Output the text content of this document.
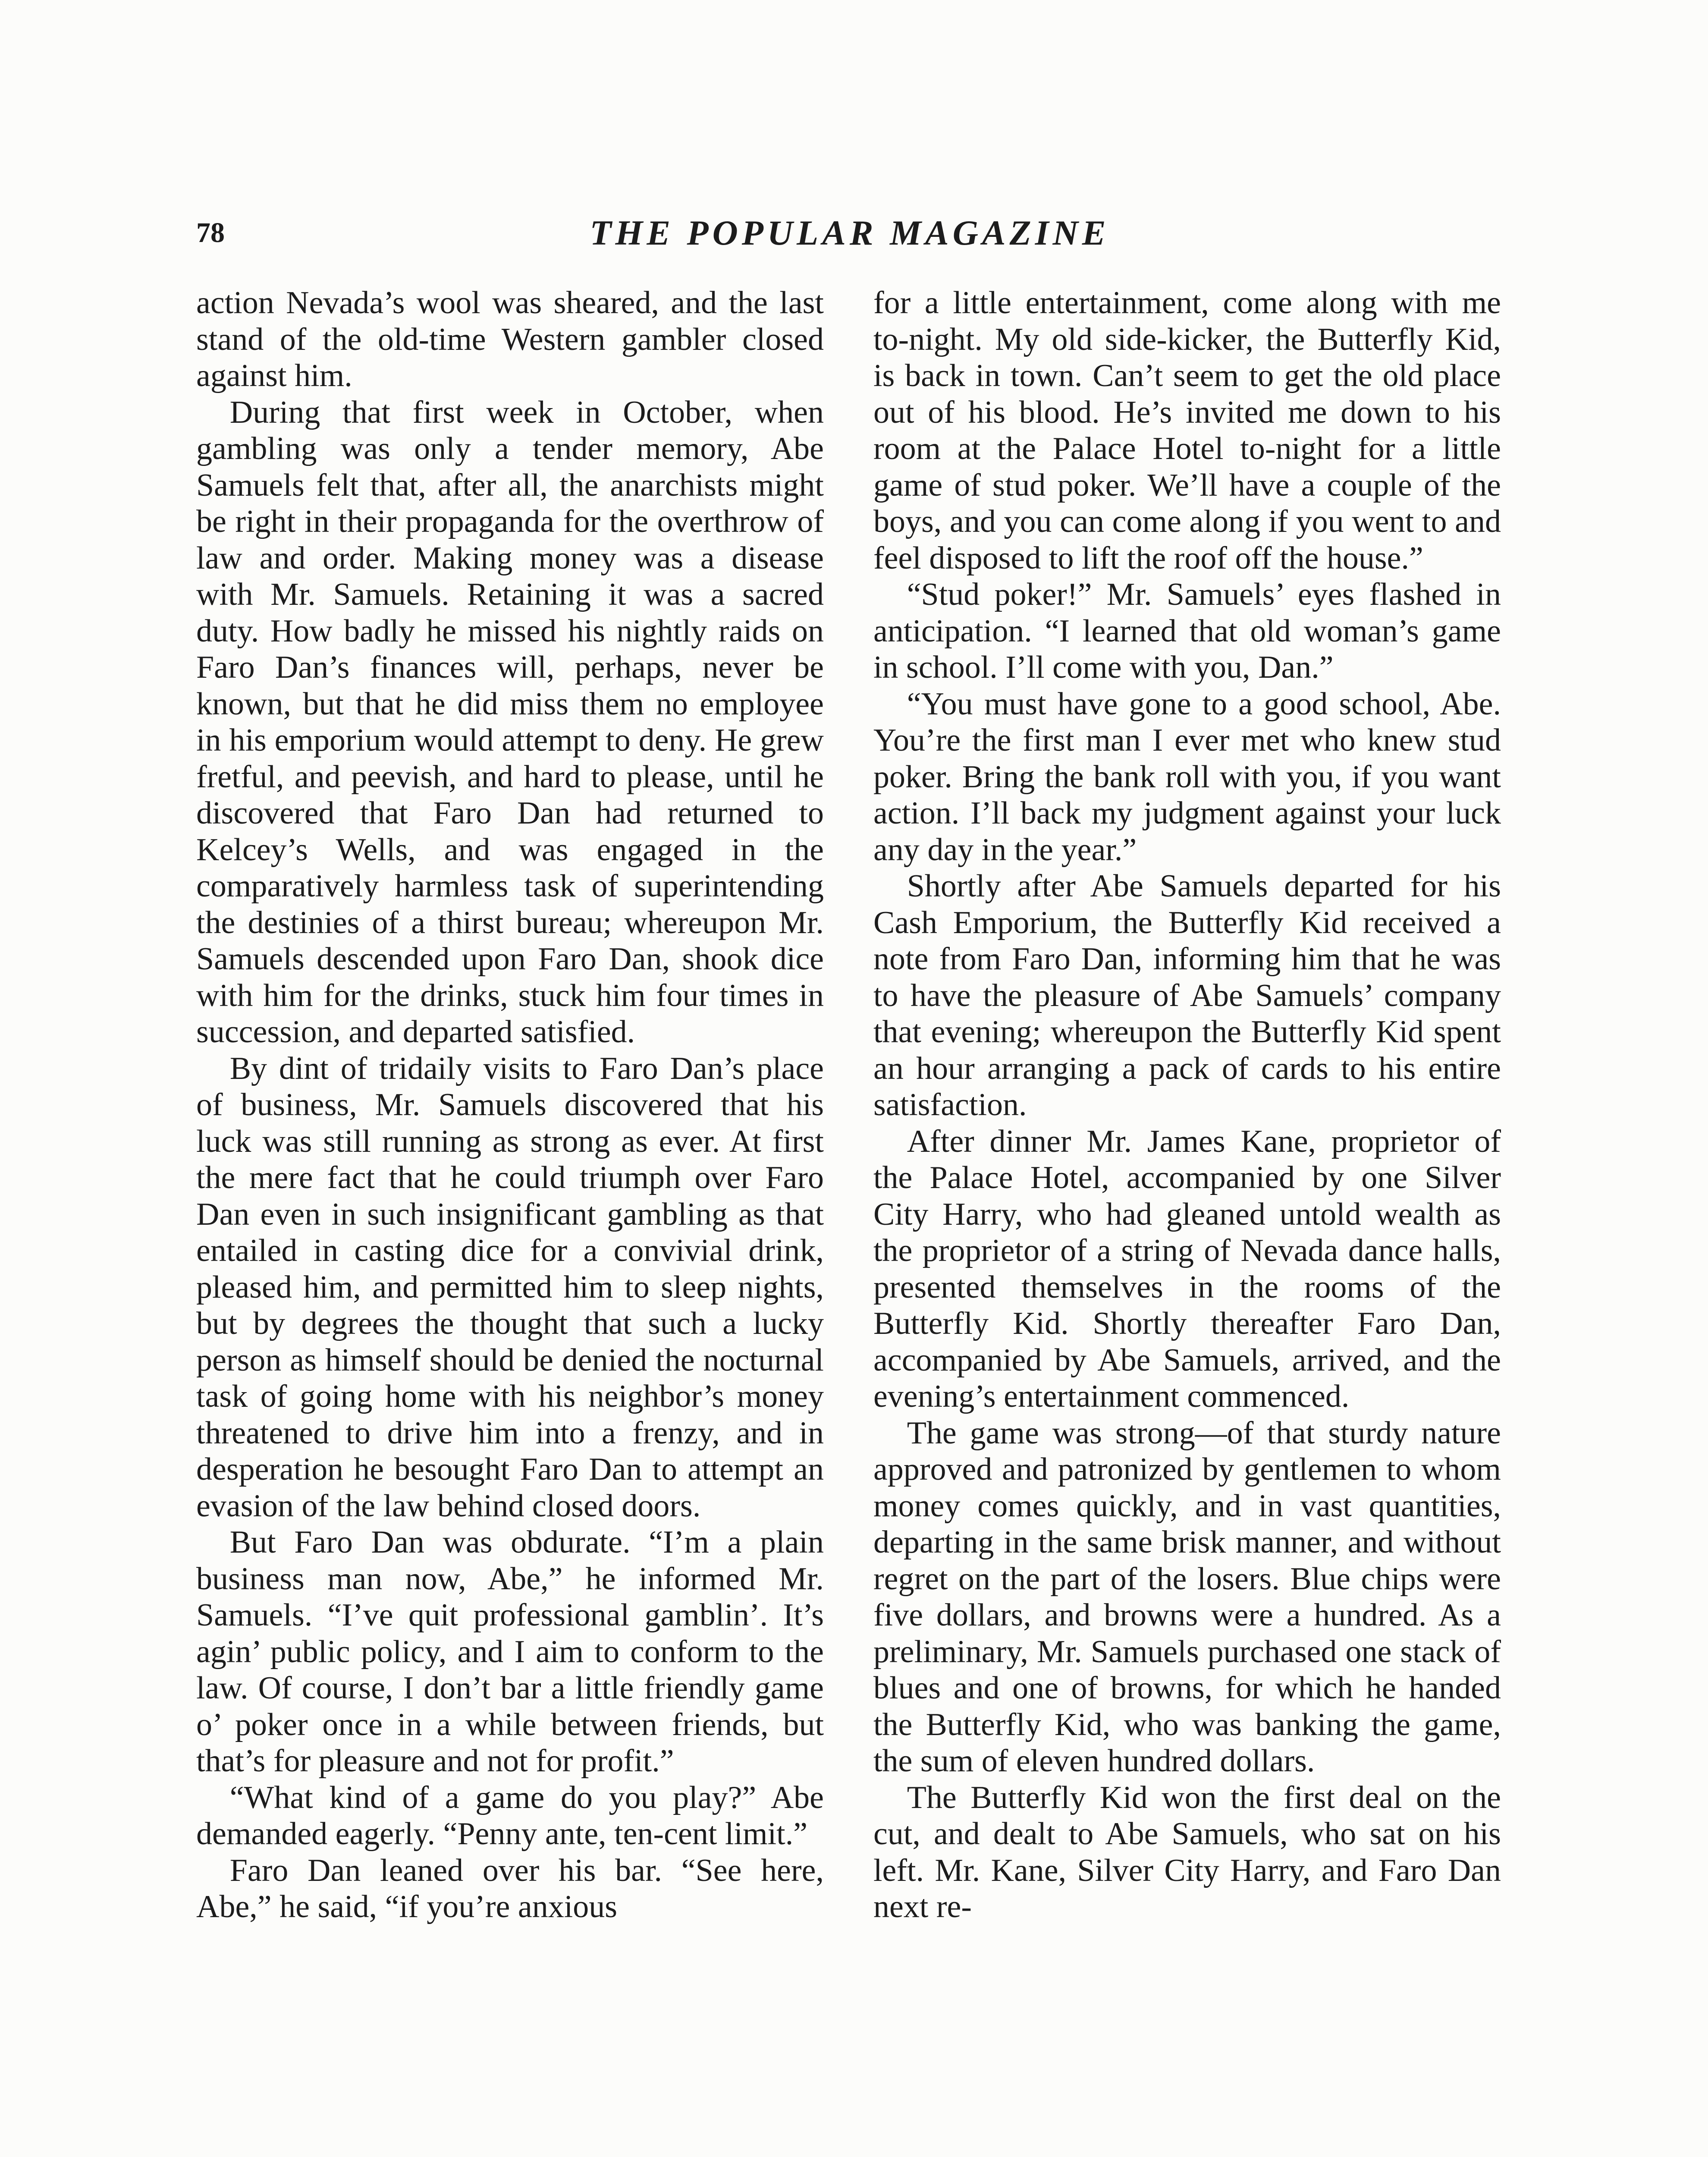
78	THE POPULAR MAGAZINE

action Nevada’s wool was sheared, and the last stand of the old-time Western gambler closed against him.

During that first week in October, when gambling was only a tender memory, Abe Samuels felt that, after all, the anarchists might be right in their propaganda for the overthrow of law and order. Making money was a disease with Mr. Samuels. Retaining it was a sacred duty. How badly he missed his nightly raids on Faro Dan’s finances will, perhaps, never be known, but that he did miss them no employee in his emporium would attempt to deny. He grew fretful, and peevish, and hard to please, until he discovered that Faro Dan had returned to Kelcey’s Wells, and was engaged in the comparatively harmless task of superintending the destinies of a thirst bureau; whereupon Mr. Samuels descended upon Faro Dan, shook dice with him for the drinks, stuck him four times in succession, and departed satisfied.

By dint of tridaily visits to Faro Dan’s place of business, Mr. Samuels discovered that his luck was still running as strong as ever. At first the mere fact that he could triumph over Faro Dan even in such insignificant gambling as that entailed in casting dice for a convivial drink, pleased him, and permitted him to sleep nights, but by degrees the thought that such a lucky person as himself should be denied the nocturnal task of going home with his neighbor’s money threatened to drive him into a frenzy, and in desperation he besought Faro Dan to attempt an evasion of the law behind closed doors.

But Faro Dan was obdurate. “I’m a plain business man now, Abe,” he informed Mr. Samuels. “I’ve quit professional gamblin’. It’s agin’ public policy, and I aim to conform to the law. Of course, I don’t bar a little friendly game o’ poker once in a while between friends, but that’s for pleasure and not for profit.”

“What kind of a game do you play?” Abe demanded eagerly. “Penny ante, ten-cent limit.”

Faro Dan leaned over his bar. “See here, Abe,” he said, “if you’re anxious

for a little entertainment, come along with me to-night. My old side-kicker, the Butterfly Kid, is back in town. Can’t seem to get the old place out of his blood. He’s invited me down to his room at the Palace Hotel to-night for a little game of stud poker. We’ll have a couple of the boys, and you can come along if you went to and feel disposed to lift the roof off the house.”

“Stud poker!” Mr. Samuels’ eyes flashed in anticipation. “I learned that old woman’s game in school. I’ll come with you, Dan.”

“You must have gone to a good school, Abe. You’re the first man I ever met who knew stud poker. Bring the bank roll with you, if you want action. I’ll back my judgment against your luck any day in the year.”

Shortly after Abe Samuels departed for his Cash Emporium, the Butterfly Kid received a note from Faro Dan, informing him that he was to have the pleasure of Abe Samuels’ company that evening; whereupon the Butterfly Kid spent an hour arranging a pack of cards to his entire satisfaction.

After dinner Mr. James Kane, proprietor of the Palace Hotel, accompanied by one Silver City Harry, who had gleaned untold wealth as the proprietor of a string of Nevada dance halls, presented themselves in the rooms of the Butterfly Kid. Shortly thereafter Faro Dan, accompanied by Abe Samuels, arrived, and the evening’s entertainment commenced.

The game was strong—of that sturdy nature approved and patronized by gentlemen to whom money comes quickly, and in vast quantities, departing in the same brisk manner, and without regret on the part of the losers. Blue chips were five dollars, and browns were a hundred. As a preliminary, Mr. Samuels purchased one stack of blues and one of browns, for which he handed the Butterfly Kid, who was banking the game, the sum of eleven hundred dollars.

The Butterfly Kid won the first deal on the cut, and dealt to Abe Samuels, who sat on his left. Mr. Kane, Silver City Harry, and Faro Dan next re-
